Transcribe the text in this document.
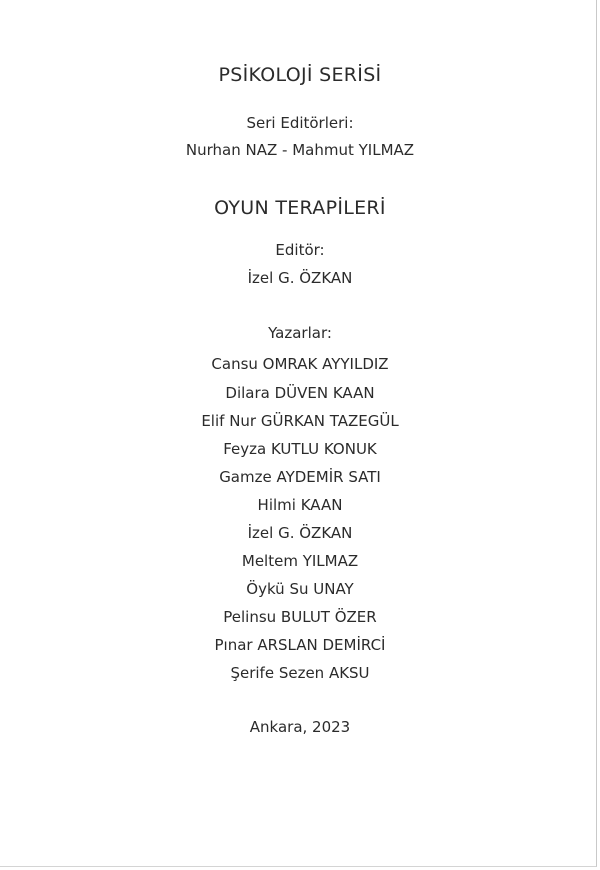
PSİKOLOJİ SERİSİ
Seri Editörleri:
Nurhan NAZ - Mahmut YILMAZ
OYUN TERAPİLERİ
Editör:
İzel G. ÖZKAN
Yazarlar:
Cansu OMRAK AYYILDIZ
Dilara DÜVEN KAAN
Elif Nur GÜRKAN TAZEGÜL
Feyza KUTLU KONUK
Gamze AYDEMİR SATI
Hilmi KAAN
İzel G. ÖZKAN
Meltem YILMAZ
Öykü Su UNAY
Pelinsu BULUT ÖZER
Pınar ARSLAN DEMİRCİ
Şerife Sezen AKSU
Ankara, 2023
